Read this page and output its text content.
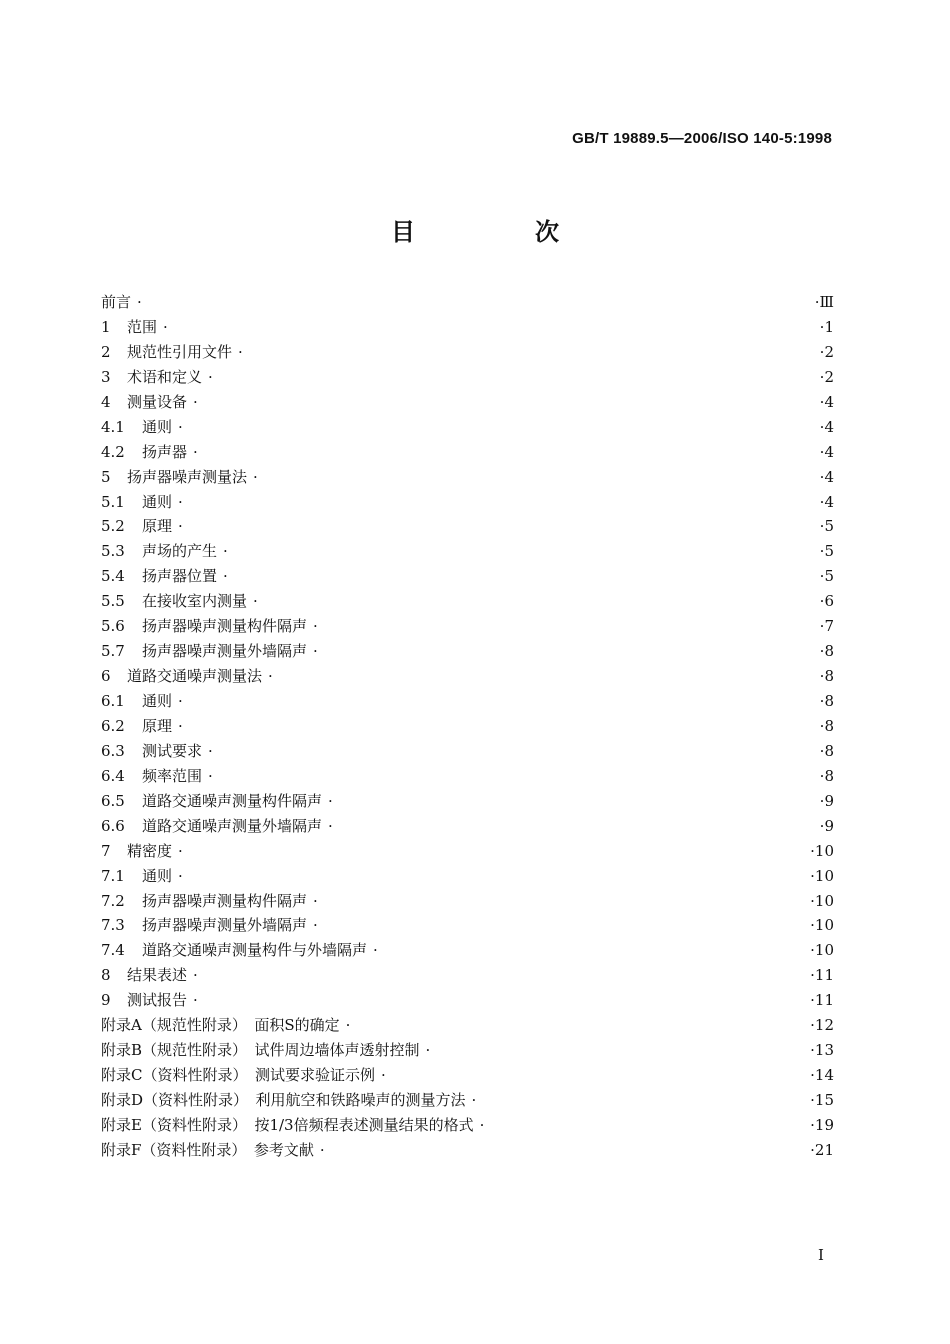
GB/T 19889.5—2006/ISO 140-5:1998
目　次
前言 ·	· Ⅲ
1	范围 ·	· 1
2	规范性引用文件 ·	· 2
3	术语和定义 ·	· 2
4	测量设备 ·	· 4
4.1	通则 ·	· 4
4.2	扬声器 ·	· 4
5	扬声器噪声测量法 ·	· 4
5.1	通则 ·	· 4
5.2	原理 ·	· 5
5.3	声场的产生 ·	· 5
5.4	扬声器位置 ·	· 5
5.5	在接收室内测量 ·	· 6
5.6	扬声器噪声测量构件隔声 ·	· 7
5.7	扬声器噪声测量外墙隔声 ·	· 8
6	道路交通噪声测量法 ·	· 8
6.1	通则 ·	· 8
6.2	原理 ·	· 8
6.3	测试要求 ·	· 8
6.4	频率范围 ·	· 8
6.5	道路交通噪声测量构件隔声 ·	· 9
6.6	道路交通噪声测量外墙隔声 ·	· 9
7	精密度 ·	· 10
7.1	通则 ·	· 10
7.2	扬声器噪声测量构件隔声 ·	· 10
7.3	扬声器噪声测量外墙隔声 ·	· 10
7.4	道路交通噪声测量构件与外墙隔声 ·	· 10
8	结果表述 ·	· 11
9	测试报告 ·	· 11
附录A（规范性附录）　面积S的确定 ·	· 12
附录B（规范性附录）　试件周边墙体声透射控制 ·	· 13
附录C（资料性附录）　测试要求验证示例 ·	· 14
附录D（资料性附录）　利用航空和铁路噪声的测量方法 ·	· 15
附录E（资料性附录）　按1/3倍频程表述测量结果的格式 ·	· 19
附录F（资料性附录）　参考文献 ·	· 21
I
